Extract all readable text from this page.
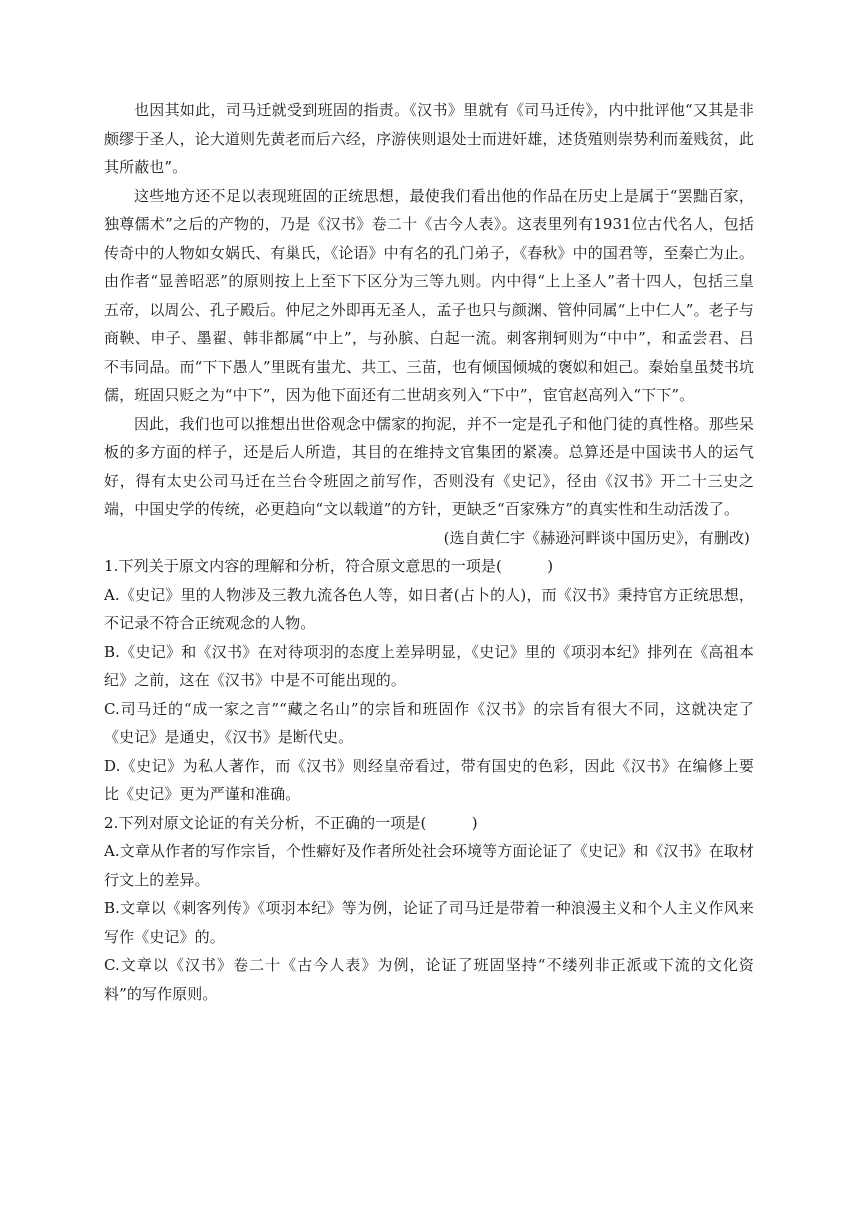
也因其如此，司马迁就受到班固的指责。《汉书》里就有《司马迁传》，内中批评他“又其是非颇缪于圣人，论大道则先黄老而后六经，序游侠则退处士而进奸雄，述货殖则崇势利而羞贱贫，此其所蔽也”。

这些地方还不足以表现班固的正统思想，最使我们看出他的作品在历史上是属于“罢黜百家，独尊儒术”之后的产物的，乃是《汉书》卷二十《古今人表》。这表里列有1931位古代名人，包括传奇中的人物如女娲氏、有巢氏，《论语》中有名的孔门弟子，《春秋》中的国君等，至秦亡为止。由作者“显善昭恶”的原则按上上至下下区分为三等九则。内中得“上上圣人”者十四人，包括三皇五帝，以周公、孔子殿后。仲尼之外即再无圣人，孟子也只与颜渊、管仲同属“上中仁人”。老子与商鞅、申子、墨翟、韩非都属“中上”，与孙膑、白起一流。刺客荆轲则为“中中”，和孟尝君、吕不韦同品。而“下下愚人”里既有蚩尤、共工、三苗，也有倾国倾城的褒姒和妲己。秦始皇虽焚书坑儒，班固只贬之为“中下”，因为他下面还有二世胡亥列入“下中”，宦官赵高列入“下下”。

因此，我们也可以推想出世俗观念中儒家的拘泥，并不一定是孔子和他门徒的真性格。那些呆板的多方面的样子，还是后人所造，其目的在维持文官集团的紧凑。总算还是中国读书人的运气好，得有太史公司马迁在兰台令班固之前写作，否则没有《史记》，径由《汉书》开二十三史之端，中国史学的传统，必更趋向“文以载道”的方针，更缺乏“百家殊方”的真实性和生动活泼了。

(选自黄仁宇《赫逊河畔谈中国历史》，有删改)

1.下列关于原文内容的理解和分析，符合原文意思的一项是(　　　)

A.《史记》里的人物涉及三教九流各色人等，如日者(占卜的人)，而《汉书》秉持官方正统思想，不记录不符合正统观念的人物。

B.《史记》和《汉书》在对待项羽的态度上差异明显，《史记》里的《项羽本纪》排列在《高祖本纪》之前，这在《汉书》中是不可能出现的。

C.司马迁的“成一家之言”“藏之名山”的宗旨和班固作《汉书》的宗旨有很大不同，这就决定了《史记》是通史，《汉书》是断代史。

D.《史记》为私人著作，而《汉书》则经皇帝看过，带有国史的色彩，因此《汉书》在编修上要比《史记》更为严谨和准确。

2.下列对原文论证的有关分析，不正确的一项是(　　　)

A.文章从作者的写作宗旨，个性癖好及作者所处社会环境等方面论证了《史记》和《汉书》在取材行文上的差异。

B.文章以《刺客列传》《项羽本纪》等为例，论证了司马迁是带着一种浪漫主义和个人主义作风来写作《史记》的。

C.文章以《汉书》卷二十《古今人表》为例，论证了班固坚持“不缕列非正派或下流的文化资料”的写作原则。
